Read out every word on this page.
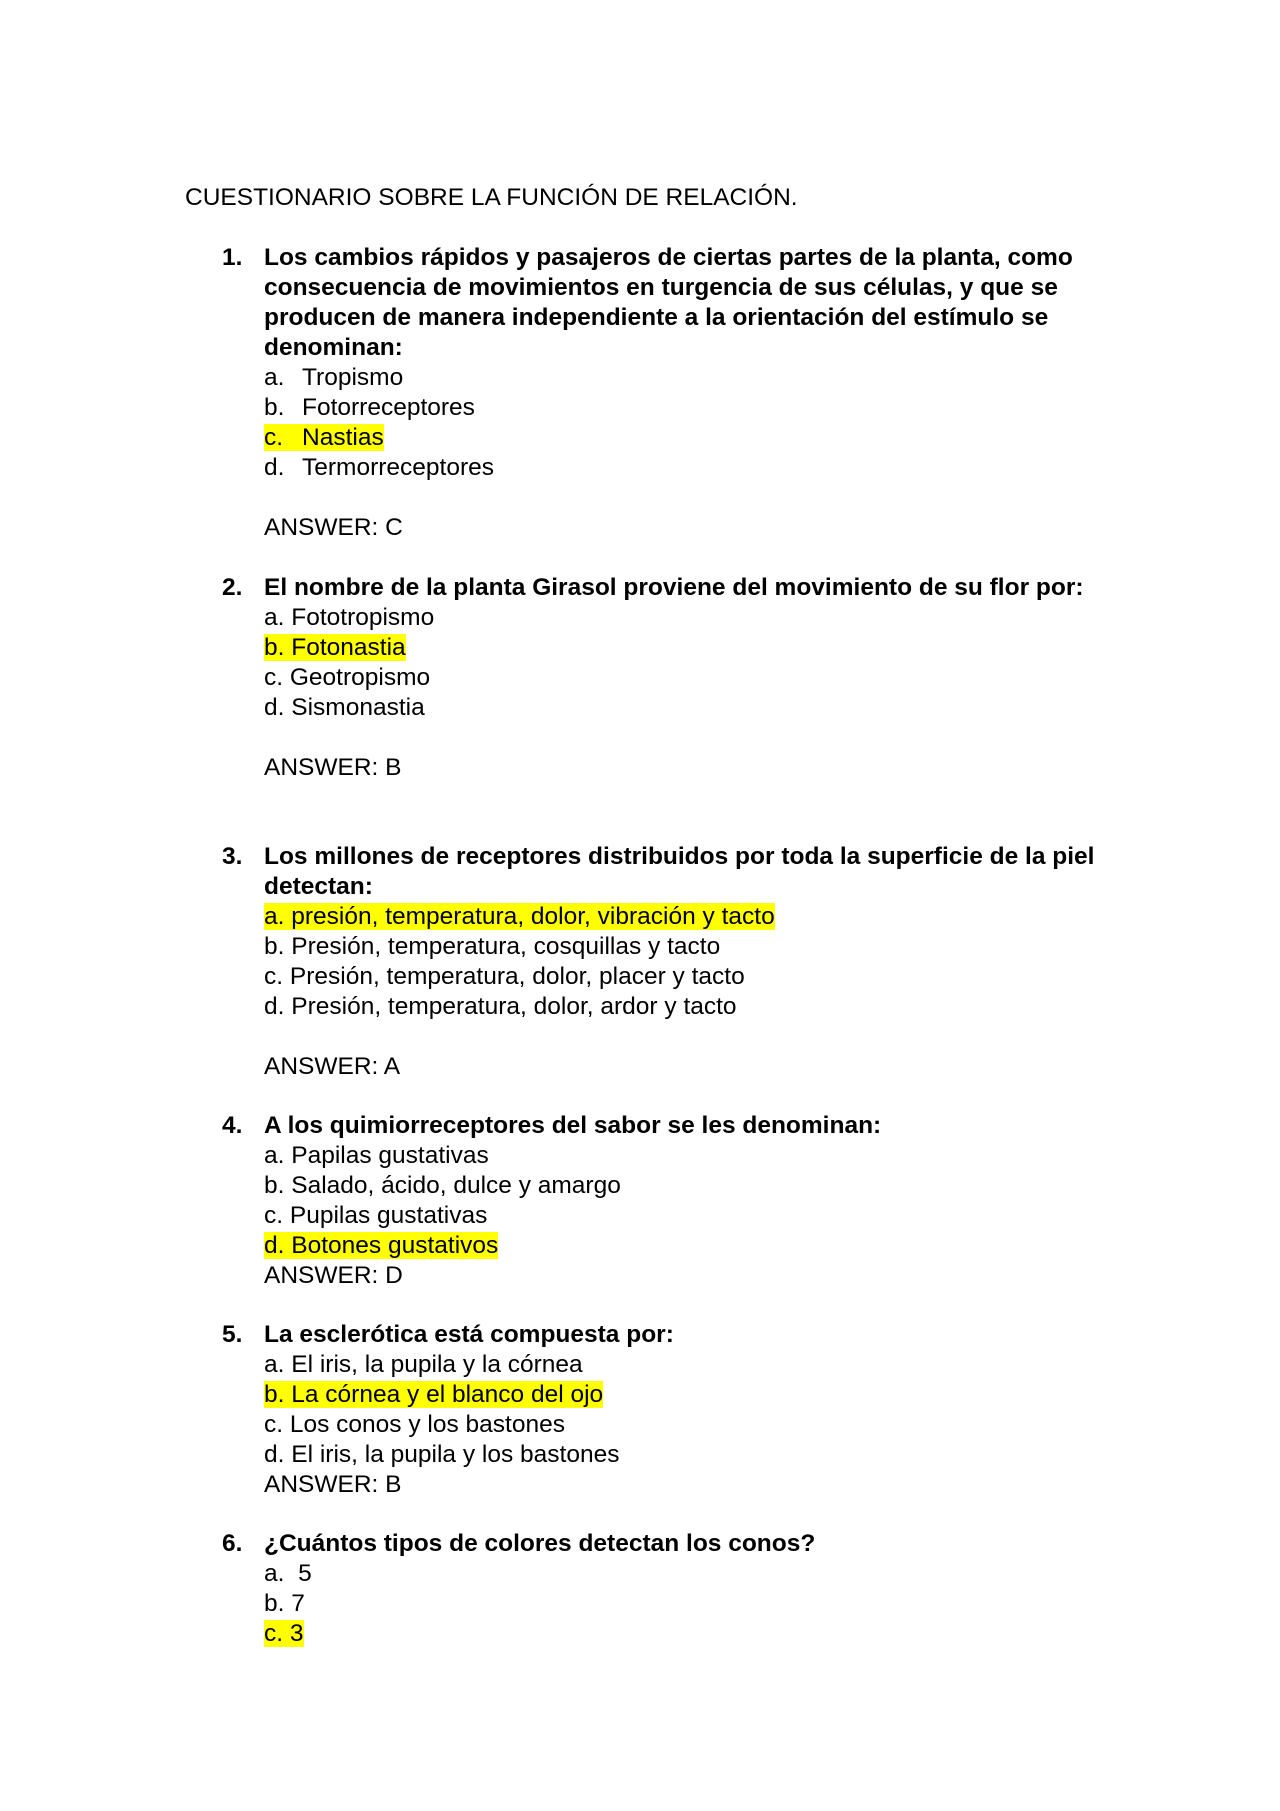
CUESTIONARIO SOBRE LA FUNCIÓN DE RELACIÓN.
1. Los cambios rápidos y pasajeros de ciertas partes de la planta, como consecuencia de movimientos en turgencia de sus células, y que se producen de manera independiente a la orientación del estímulo se denominan:
a. Tropismo
b. Fotorreceptores
c. Nastias
d. Termorreceptores
ANSWER: C
2. El nombre de la planta Girasol proviene del movimiento de su flor por:
a. Fototropismo
b. Fotonastia
c. Geotropismo
d. Sismonastia
ANSWER: B
3. Los millones de receptores distribuidos por toda la superficie de la piel detectan:
a. presión, temperatura, dolor, vibración y tacto
b. Presión, temperatura, cosquillas y tacto
c. Presión, temperatura, dolor, placer y tacto
d. Presión, temperatura, dolor, ardor y tacto
ANSWER: A
4. A los quimiorreceptores del sabor se les denominan:
a. Papilas gustativas
b. Salado, ácido, dulce y amargo
c. Pupilas gustativas
d. Botones gustativos
ANSWER: D
5. La esclerótica está compuesta por:
a. El iris, la pupila y la córnea
b. La córnea y el blanco del ojo
c. Los conos y los bastones
d. El iris, la pupila y los bastones
ANSWER: B
6. ¿Cuántos tipos de colores detectan los conos?
a. 5
b. 7
c. 3
